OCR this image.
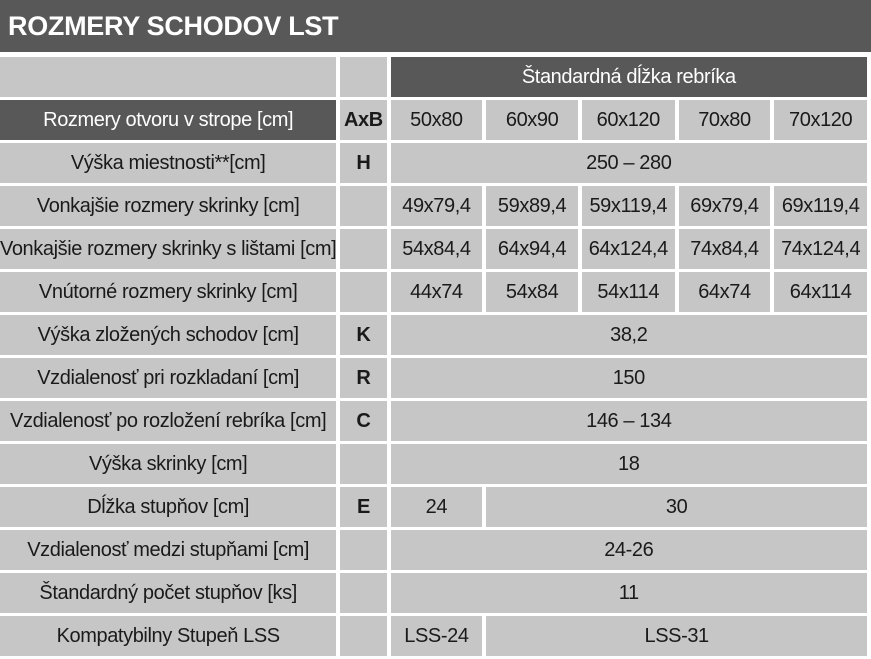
ROZMERY SCHODOV LST
		Štandardná dĺžka rebríka				
Rozmery otvoru v strope [cm]	AxB	50x80	60x90	60x120	70x80	70x120
Výška miestnosti**[cm]	H	250 – 280				
Vonkajšie rozmery skrinky [cm]		49x79,4	59x89,4	59x119,4	69x79,4	69x119,4
Vonkajšie rozmery skrinky s lištami [cm]		54x84,4	64x94,4	64x124,4	74x84,4	74x124,4
Vnútorné rozmery skrinky [cm]		44x74	54x84	54x114	64x74	64x114
Výška zložených schodov [cm]	K	38,2				
Vzdialenosť pri rozkladaní [cm]	R	150				
Vzdialenosť po rozložení rebríka [cm]	C	146 – 134				
Výška skrinky [cm]		18				
Dĺžka stupňov [cm]	E	24	30			
Vzdialenosť medzi stupňami [cm]		24-26				
Štandardný počet stupňov [ks]		11				
Kompatybilny Stupeň LSS		LSS-24	LSS-31			
